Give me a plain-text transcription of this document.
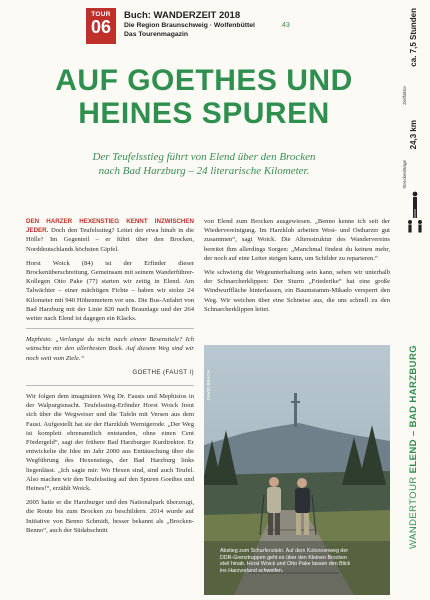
TOUR
06
Buch: WANDERZEIT 2018
Die Region Braunschweig · Wolfenbüttel
Das Tourenmagazin
43
AUF GOETHES UND
HEINES SPUREN
Der Teufelsstieg führt von Elend über den Brocken
nach Bad Harzburg – 24 literarische Kilometer.

DEN HARZER HEXENSTIEG KENNT INZWISCHEN JEDER. Doch den Teufelsstieg? Leitet der etwa hinab in die Hölle? Im Gegenteil – er führt über den Brocken, Norddeutschlands höchsten Gipfel.

Horst Woick (84) ist der Erfinder dieser Brockenüberschreitung. Gemeinsam mit seinem Wanderführer-Kollegen Otto Pake (77) starten wir zeitig in Elend. Am Talwächter – einer mächtigen Fichte – haben wir stolze 24 Kilometer mit 940 Höhenmetern vor uns. Die Bus-Anfahrt von Bad Harzburg mit der Linie 820 nach Braunlage und der 264 weiter nach Elend ist dagegen ein Klacks.

Mephisto. „Verlangst du nicht nach einem Besenstiele? Ich wünschte mir den allerbesten Bock. Auf diesem Weg sind wir noch weit vom Ziele.“

GOETHE (FAUST I)

Wir folgen dem imaginären Weg Dr. Fausts und Mephistos in der Walpurgisnacht. Teufelsstieg-Erfinder Horst Woick freut sich über die Wegweiser und die Tafeln mit Versen aus dem Faust. Aufgestellt hat sie der Harzklub Wernigerode. „Der Weg ist komplett ehrenamtlich entstanden, ohne einen Cent Fördergeld“, sagt der frühere Bad Harzburger Kurdirektor. Er entwickelte die Idee im Jahr 2000 aus Enttäuschung über die Wegführung des Hexenstiegs, der Bad Harzburg links liegenlässt. „Ich sagte mir: Wo Hexen sind, sind auch Teufel. Also machen wir den Teufelsstieg auf den Spuren Goethes und Heines!“, erzählt Woick.

2005 hatte er die Harzburger und den Nationalpark überzeugt, die Route bis zum Brocken zu beschildern. 2014 wurde auf Initiative von Benno Schmidt, besser bekannt als „Brocken-Benno“, auch der Südabschnitt

von Elend zum Brocken ausgewiesen. „Benno kenne ich seit der Wiedervereinigung. Im Harzklub arbeiten West- und Ostharzer gut zusammen“, sagt Woick. Die Altersstruktur des Wandervereins bereitet ihm allerdings Sorgen: „Manchmal findest du keinen mehr, der noch auf eine Leiter steigen kann, um Schilder zu reparieren.“

Wie schwierig die Wegeunterhaltung sein kann, sehen wir unterhalb der Schnarcherklippen: Der Sturm „Friederike“ hat eine große Windwurffläche hinterlassen, ein Baumstamm-Mikado versperrt den Weg. Wir weichen über eine Schneise aus, die uns schnell zu den Schnarcherklippen leitet.

DAVID BEACH
Abstieg zum Scharfenstein: Auf dem Kolonnenweg der DDR-Grenztruppen geht es über den Kleinen Brocken steil hinab. Horst Woick und Otto Pake lassen den Blick ins Harzvorland schweifen.
Zeitfaktor
ca. 7,5 Stunden
Streckenlänge
24,3 km
WANDERTOUR ELEND – BAD HARZBURG
